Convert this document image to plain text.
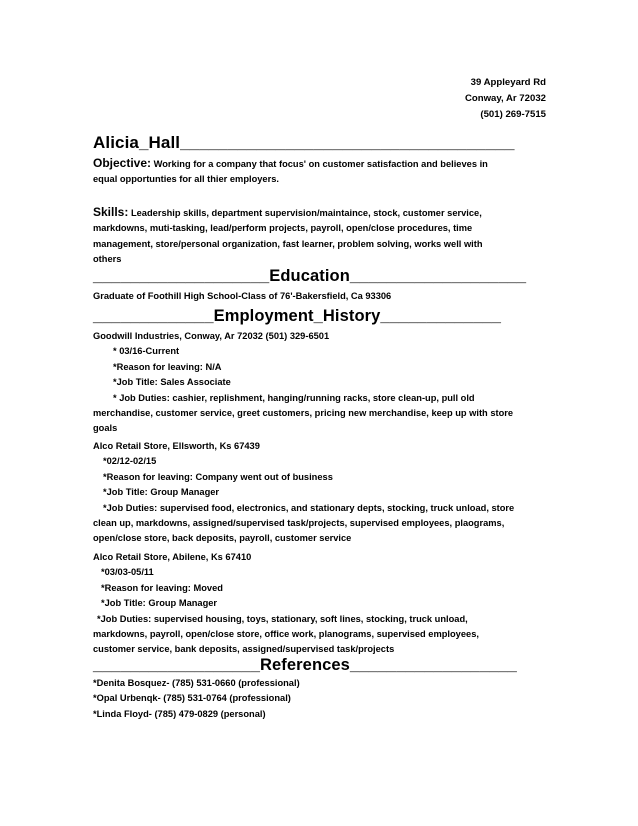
39 Appleyard Rd
Conway, Ar 72032
(501) 269-7515
Alicia_Hall___________________________________
Objective: Working for a company that focus' on customer satisfaction and believes in
equal opportunties for all thier employers.
Skills: Leadership skills, department supervision/maintaince, stock, customer service,
markdowns, muti-tasking, lead/perform projects, payroll, open/close procedures, time
management, store/personal organization, fast learner, problem solving, works well with
others
___________________Education___________________
Graduate of Foothill High School-Class of 76'-Bakersfield, Ca 93306
_____________Employment_History_____________
Goodwill Industries, Conway, Ar 72032 (501) 329-6501
* 03/16-Current
*Reason for leaving: N/A
*Job Title: Sales Associate
* Job Duties: cashier, replishment, hanging/running racks, store clean-up, pull old
merchandise, customer service, greet customers, pricing new merchandise, keep up with store
goals
Alco Retail Store, Ellsworth, Ks 67439
*02/12-02/15
*Reason for leaving: Company went out of business
*Job Title: Group Manager
*Job Duties: supervised food, electronics, and stationary depts, stocking, truck unload, store
clean up, markdowns, assigned/supervised task/projects, supervised employees, plaograms,
open/close store, back deposits, payroll, customer service
Alco Retail Store, Abilene, Ks 67410
*03/03-05/11
*Reason for leaving: Moved
*Job Title: Group Manager
*Job Duties: supervised housing, toys, stationary, soft lines, stocking, truck unload,
markdowns, payroll, open/close store, office work, planograms, supervised employees,
customer service, bank deposits, assigned/supervised task/projects
__________________References__________________
*Denita Bosquez- (785) 531-0660 (professional)
*Opal Urbenqk- (785) 531-0764 (professional)
*Linda Floyd- (785) 479-0829 (personal)
